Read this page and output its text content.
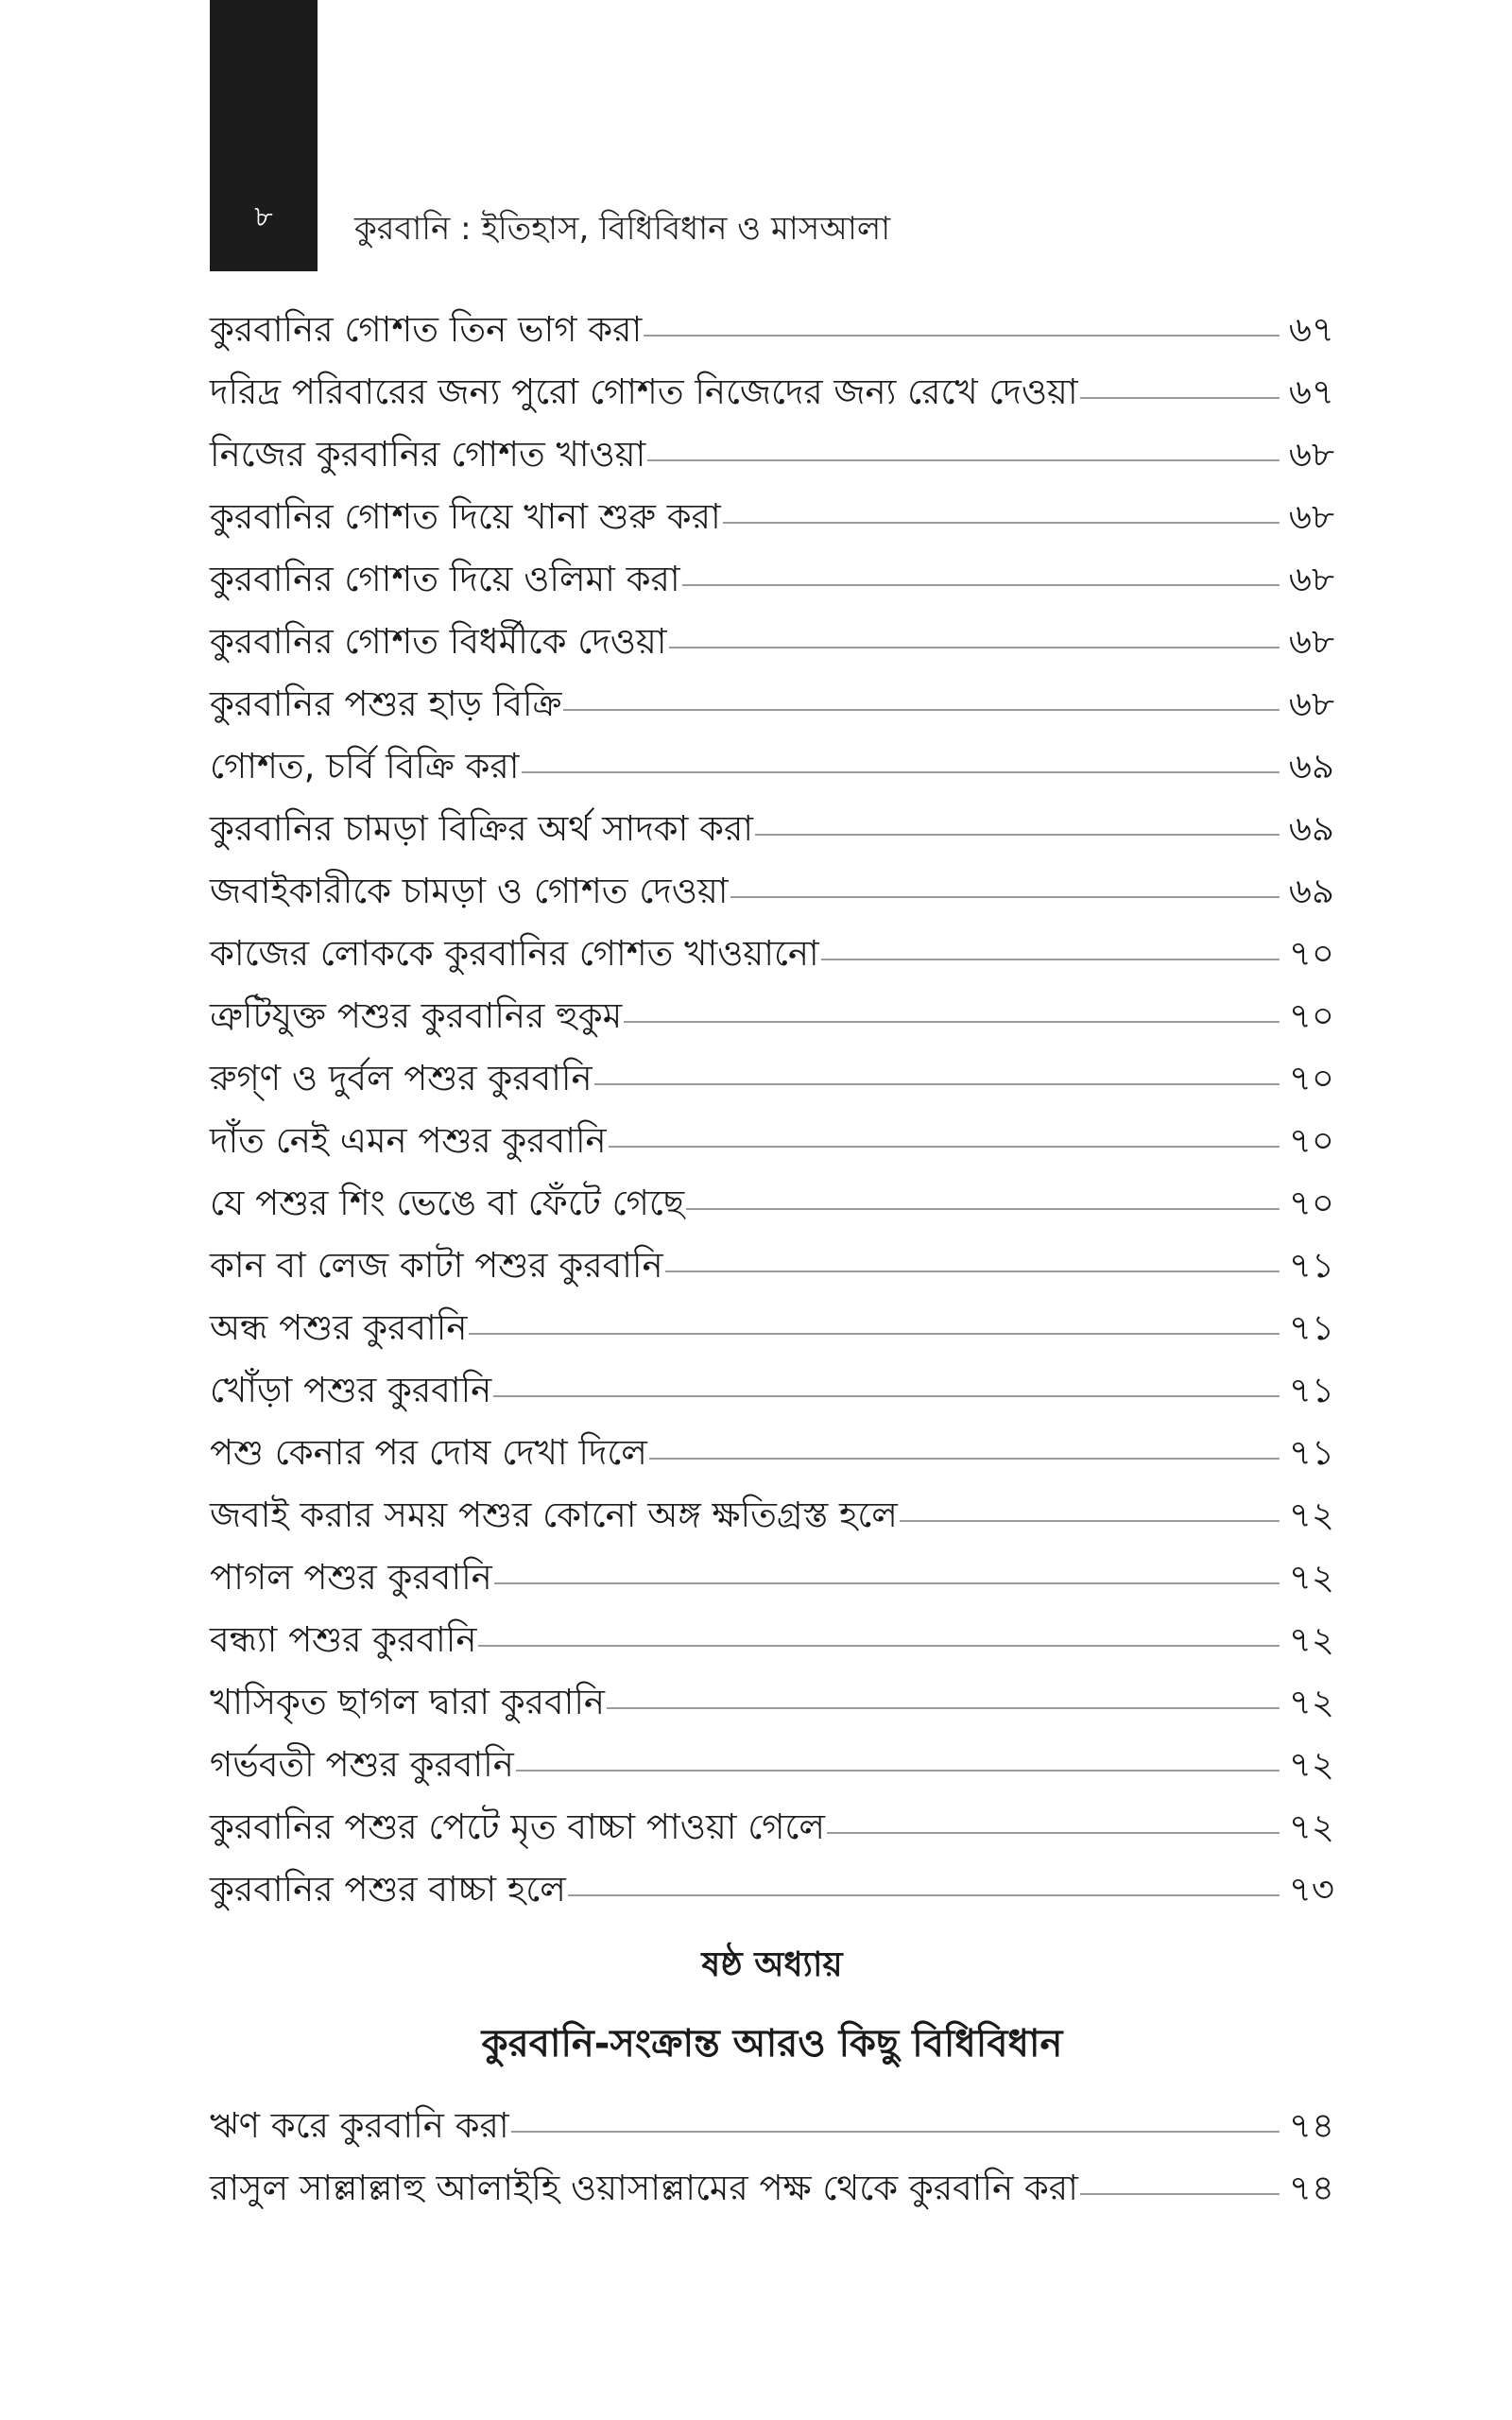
৮	কুরবানি : ইতিহাস, বিধিবিধান ও মাসআলা
কুরবানির গোশত তিন ভাগ করা	৬৭
দরিদ্র পরিবারের জন্য পুরো গোশত নিজেদের জন্য রেখে দেওয়া	৬৭
নিজের কুরবানির গোশত খাওয়া	৬৮
কুরবানির গোশত দিয়ে খানা শুরু করা	৬৮
কুরবানির গোশত দিয়ে ওলিমা করা	৬৮
কুরবানির গোশত বিধর্মীকে দেওয়া	৬৮
কুরবানির পশুর হাড় বিক্রি	৬৮
গোশত, চর্বি বিক্রি করা	৬৯
কুরবানির চামড়া বিক্রির অর্থ সাদকা করা	৬৯
জবাইকারীকে চামড়া ও গোশত দেওয়া	৬৯
কাজের লোককে কুরবানির গোশত খাওয়ানো	৭০
ত্রুটিযুক্ত পশুর কুরবানির হুকুম	৭০
রুগ্ণ ও দুর্বল পশুর কুরবানি	৭০
দাঁত নেই এমন পশুর কুরবানি	৭০
যে পশুর শিং ভেঙে বা ফেঁটে গেছে	৭০
কান বা লেজ কাটা পশুর কুরবানি	৭১
অন্ধ পশুর কুরবানি	৭১
খোঁড়া পশুর কুরবানি	৭১
পশু কেনার পর দোষ দেখা দিলে	৭১
জবাই করার সময় পশুর কোনো অঙ্গ ক্ষতিগ্রস্ত হলে	৭২
পাগল পশুর কুরবানি	৭২
বন্ধ্যা পশুর কুরবানি	৭২
খাসিকৃত ছাগল দ্বারা কুরবানি	৭২
গর্ভবতী পশুর কুরবানি	৭২
কুরবানির পশুর পেটে মৃত বাচ্চা পাওয়া গেলে	৭২
কুরবানির পশুর বাচ্চা হলে	৭৩
ষষ্ঠ অধ্যায়
কুরবানি-সংক্রান্ত আরও কিছু বিধিবিধান
ঋণ করে কুরবানি করা	৭৪
রাসুল সাল্লাল্লাহু আলাইহি ওয়াসাল্লামের পক্ষ থেকে কুরবানি করা	৭৪
